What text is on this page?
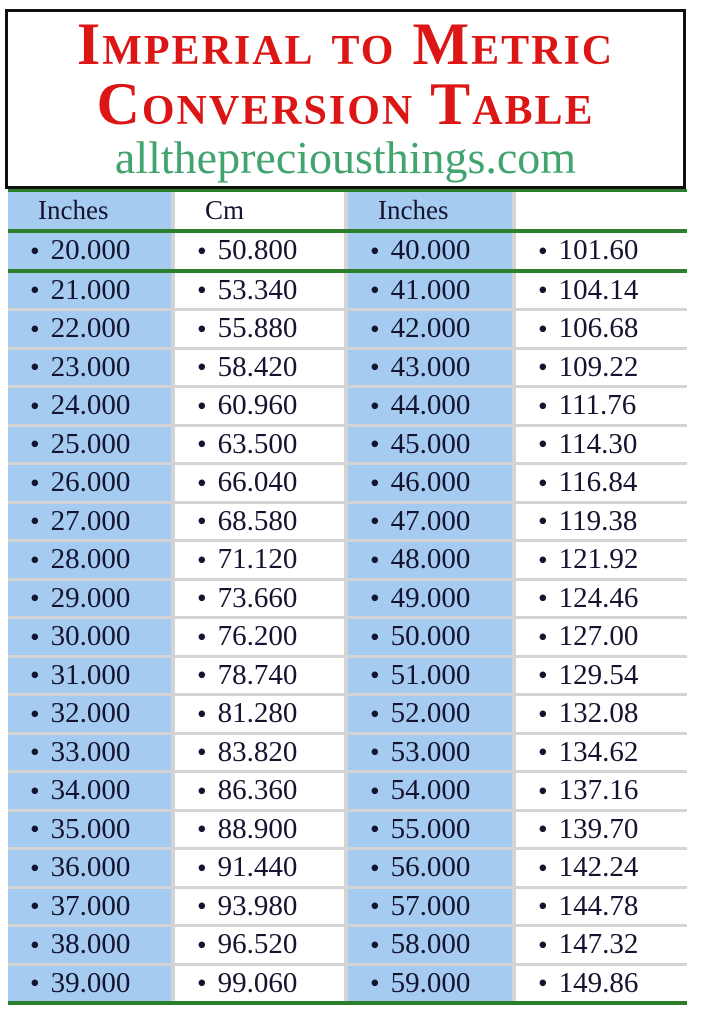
Imperial to Metric
Conversion Table
allthepreciousthings.com
Inches	Cm	Inches
• 20.000 • 50.800	• 40.000 • 101.60
• 21.000 • 53.340	• 41.000 • 104.14
• 22.000 • 55.880	• 42.000 • 106.68
• 23.000 • 58.420	• 43.000 • 109.22
• 24.000 • 60.960	• 44.000 • 111.76
• 25.000 • 63.500	• 45.000 • 114.30
• 26.000 • 66.040	• 46.000 • 116.84
• 27.000 • 68.580	• 47.000 • 119.38
• 28.000 • 71.120	• 48.000 • 121.92
• 29.000 • 73.660	• 49.000 • 124.46
• 30.000 • 76.200	• 50.000 • 127.00
• 31.000 • 78.740	• 51.000 • 129.54
• 32.000 • 81.280	• 52.000 • 132.08
• 33.000 • 83.820	• 53.000 • 134.62
• 34.000 • 86.360	• 54.000 • 137.16
• 35.000 • 88.900	• 55.000 • 139.70
• 36.000 • 91.440	• 56.000 • 142.24
• 37.000 • 93.980	• 57.000 • 144.78
• 38.000 • 96.520	• 58.000 • 147.32
• 39.000 • 99.060	• 59.000 • 149.86
